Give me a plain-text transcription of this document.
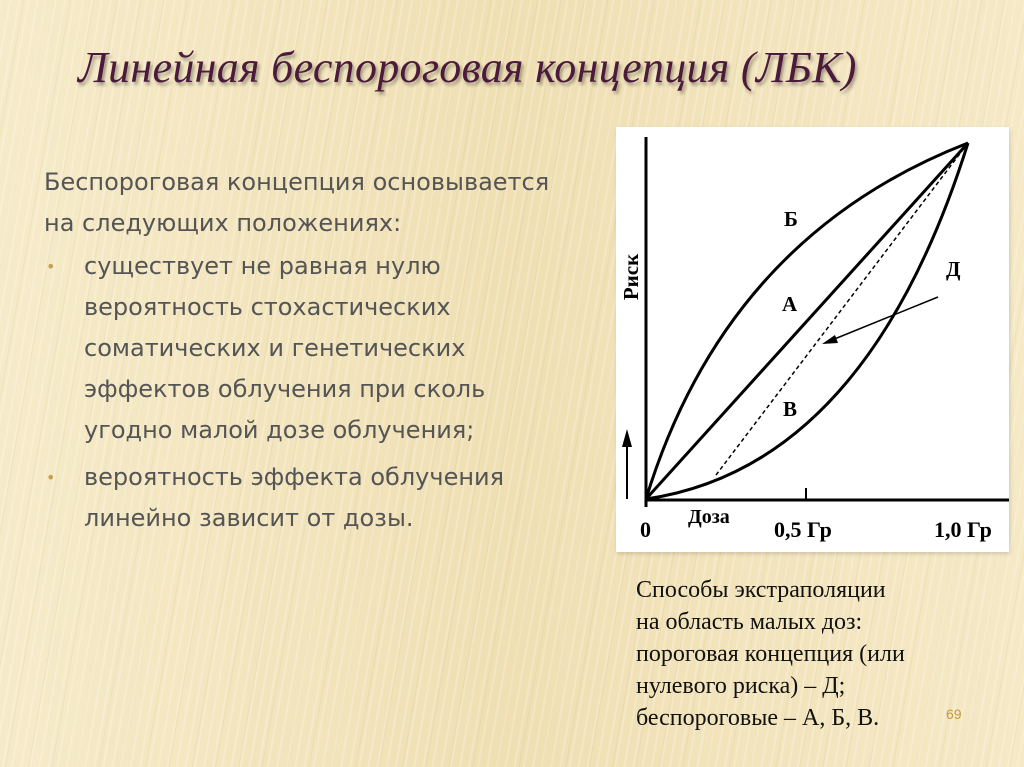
Линейная беспороговая концепция (ЛБК)

Беспороговая концепция основывается на следующих положениях:

• существует не равная нулю вероятность стохастических соматических и генетических эффектов облучения при сколь угодно малой дозе облучения;
• вероятность эффекта облучения линейно зависит от дозы.
Риск
Б
А
В
Д
0 Доза 0,5 Гр	1,0 Гр
Способы экстраполяции
на область малых доз:
пороговая концепция (или
нулевого риска) – Д;
беспороговые – А, Б, В.	69
